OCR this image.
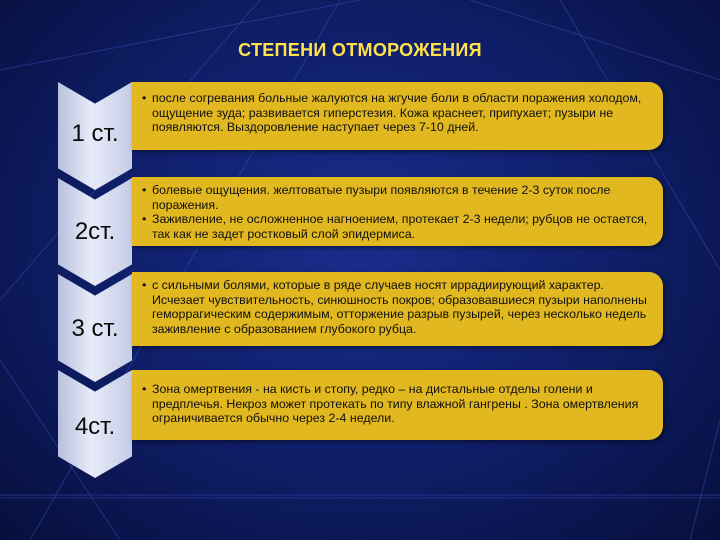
СТЕПЕНИ ОТМОРОЖЕНИЯ
1 ст.
• после согревания больные жалуются на жгучие боли в области поражения холодом, ощущение зуда; развивается гиперстезия. Кожа краснеет, припухает; пузыри не появляются. Выздоровление наступает через 7-10 дней.
2ст.
• болевые ощущения. желтоватые пузыри появляются в течение 2-3 суток после поражения.
• Заживление, не осложненное нагноением, протекает 2-3 недели; рубцов не остается, так как не задет ростковый слой эпидермиса.
3 ст.
• с сильными болями, которые в ряде случаев носят иррадиирующий характер. Исчезает чувствительность, синюшность покров; образовавшиеся пузыри наполнены геморрагическим содержимым, отторжение разрыв пузырей, через несколько недель заживление с образованием глубокого рубца.
4ст.
• Зона омертвения - на кисть и стопу, редко – на дистальные отделы голени и предплечья. Некроз может протекать по типу влажной гангрены . Зона омертвления ограничивается обычно через 2-4 недели.
